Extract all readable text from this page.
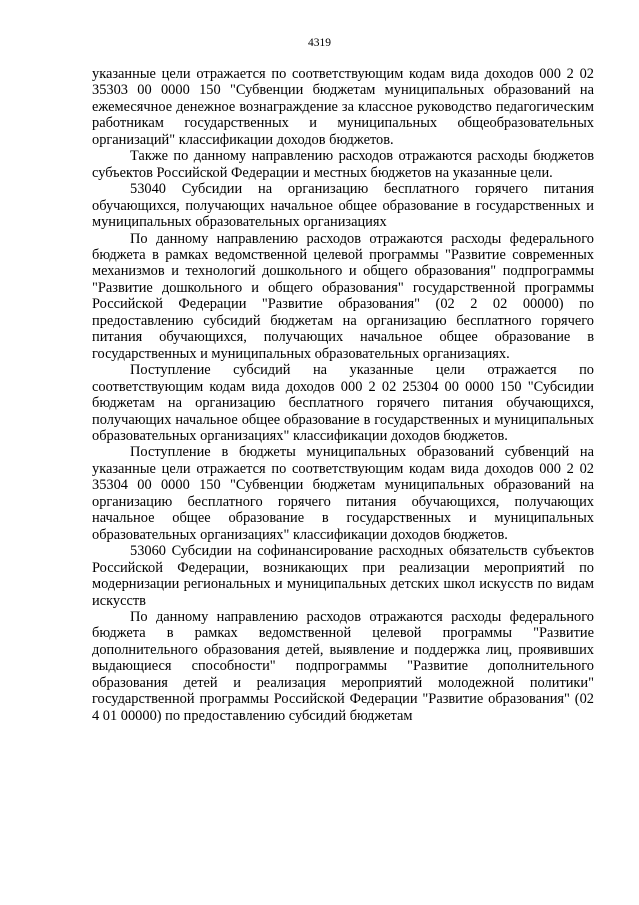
4319

указанные цели отражается по соответствующим кодам вида доходов 000 2 02 35303 00 0000 150 "Субвенции бюджетам муниципальных образований на ежемесячное денежное вознаграждение за классное руководство педагогическим работникам государственных и муниципальных общеобразовательных организаций" классификации доходов бюджетов.

Также по данному направлению расходов отражаются расходы бюджетов субъектов Российской Федерации и местных бюджетов на указанные цели.

53040 Субсидии на организацию бесплатного горячего питания обучающихся, получающих начальное общее образование в государственных и муниципальных образовательных организациях

По данному направлению расходов отражаются расходы федерального бюджета в рамках ведомственной целевой программы "Развитие современных механизмов и технологий дошкольного и общего образования" подпрограммы "Развитие дошкольного и общего образования" государственной программы Российской Федерации "Развитие образования" (02 2 02 00000) по предоставлению субсидий бюджетам на организацию бесплатного горячего питания обучающихся, получающих начальное общее образование в государственных и муниципальных образовательных организациях.

Поступление субсидий на указанные цели отражается по соответствующим кодам вида доходов 000 2 02 25304 00 0000 150 "Субсидии бюджетам на организацию бесплатного горячего питания обучающихся, получающих начальное общее образование в государственных и муниципальных образовательных организациях" классификации доходов бюджетов.

Поступление в бюджеты муниципальных образований субвенций на указанные цели отражается по соответствующим кодам вида доходов 000 2 02 35304 00 0000 150 "Субвенции бюджетам муниципальных образований на организацию бесплатного горячего питания обучающихся, получающих начальное общее образование в государственных и муниципальных образовательных организациях" классификации доходов бюджетов.

53060 Субсидии на софинансирование расходных обязательств субъектов Российской Федерации, возникающих при реализации мероприятий по модернизации региональных и муниципальных детских школ искусств по видам искусств

По данному направлению расходов отражаются расходы федерального бюджета в рамках ведомственной целевой программы "Развитие дополнительного образования детей, выявление и поддержка лиц, проявивших выдающиеся способности" подпрограммы "Развитие дополнительного образования детей и реализация мероприятий молодежной политики" государственной программы Российской Федерации "Развитие образования" (02 4 01 00000) по предоставлению субсидий бюджетам
